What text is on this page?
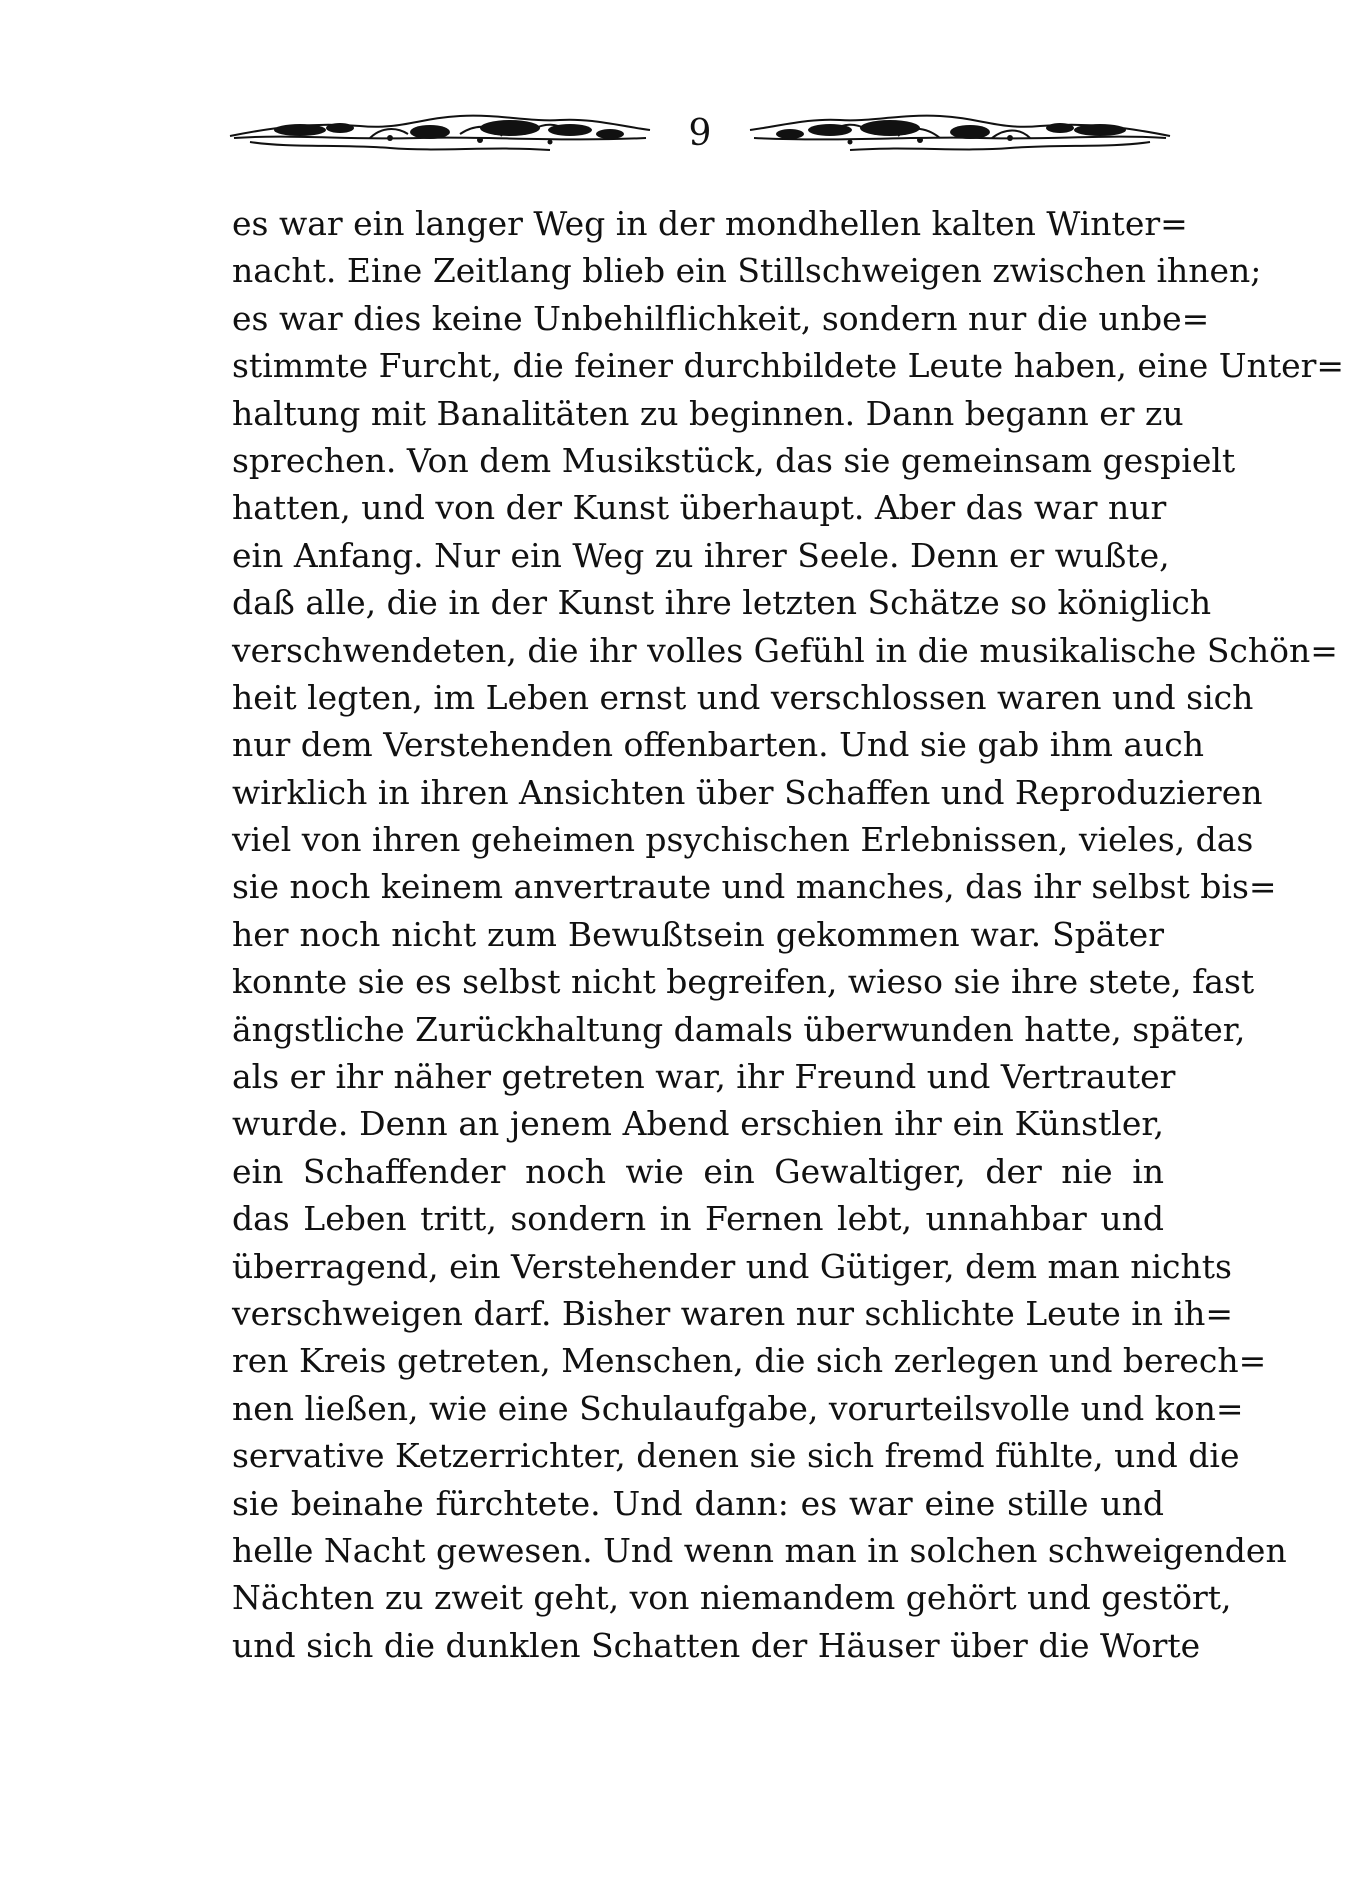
9
es war ein langer Weg in der mondhellen kalten Winter=
nacht. Eine Zeitlang blieb ein Stillschweigen zwischen ihnen;
es war dies keine Unbehilflichkeit, sondern nur die unbe=
stimmte Furcht, die feiner durchbildete Leute haben, eine Unter=
haltung mit Banalitäten zu beginnen. Dann begann er zu
sprechen. Von dem Musikstück, das sie gemeinsam gespielt
hatten, und von der Kunst überhaupt. Aber das war nur
ein Anfang. Nur ein Weg zu ihrer Seele. Denn er wußte,
daß alle, die in der Kunst ihre letzten Schätze so königlich
verschwendeten, die ihr volles Gefühl in die musikalische Schön=
heit legten, im Leben ernst und verschlossen waren und sich
nur dem Verstehenden offenbarten. Und sie gab ihm auch
wirklich in ihren Ansichten über Schaffen und Reproduzieren
viel von ihren geheimen psychischen Erlebnissen, vieles, das
sie noch keinem anvertraute und manches, das ihr selbst bis=
her noch nicht zum Bewußtsein gekommen war. Später
konnte sie es selbst nicht begreifen, wieso sie ihre stete, fast
ängstliche Zurückhaltung damals überwunden hatte, später,
als er ihr näher getreten war, ihr Freund und Vertrauter
wurde. Denn an jenem Abend erschien ihr ein Künstler,
ein Schaffender noch wie ein Gewaltiger, der nie in
das Leben tritt, sondern in Fernen lebt, unnahbar und
überragend, ein Verstehender und Gütiger, dem man nichts
verschweigen darf. Bisher waren nur schlichte Leute in ih=
ren Kreis getreten, Menschen, die sich zerlegen und berech=
nen ließen, wie eine Schulaufgabe, vorurteilsvolle und kon=
servative Ketzerrichter, denen sie sich fremd fühlte, und die
sie beinahe fürchtete. Und dann: es war eine stille und
helle Nacht gewesen. Und wenn man in solchen schweigenden
Nächten zu zweit geht, von niemandem gehört und gestört,
und sich die dunklen Schatten der Häuser über die Worte
